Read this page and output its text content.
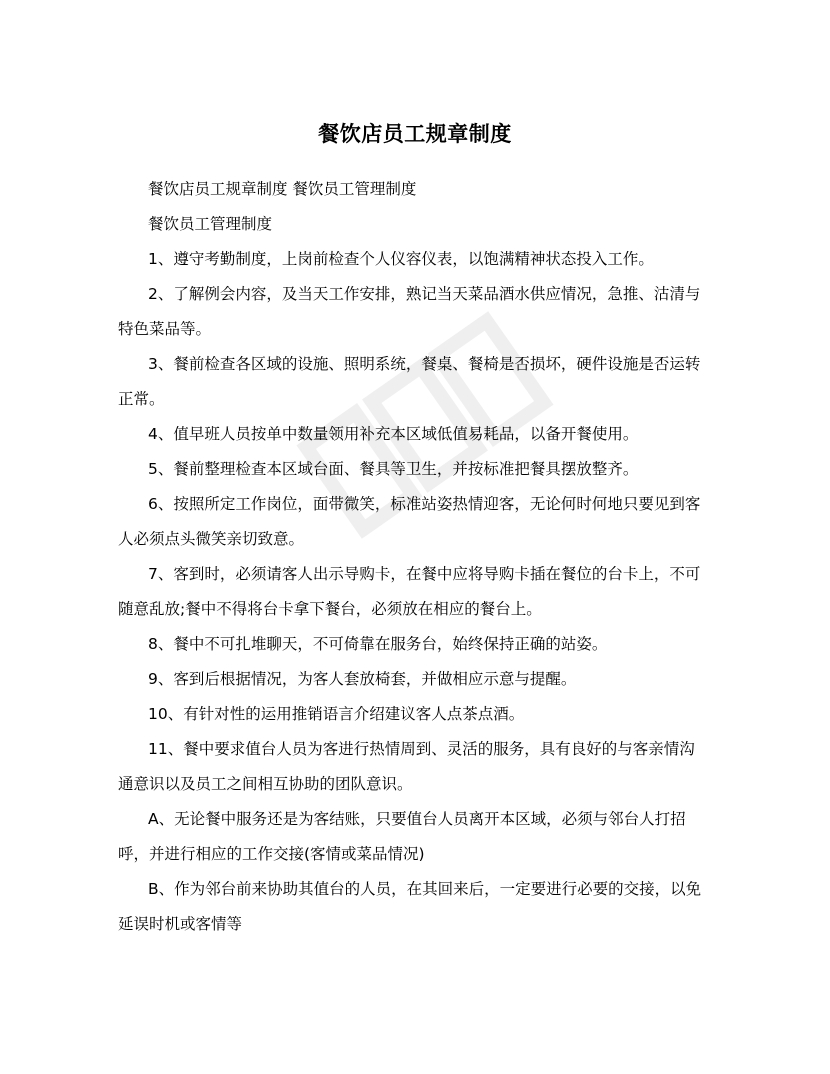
餐饮店员工规章制度

餐饮店员工规章制度 餐饮员工管理制度

餐饮员工管理制度

1、遵守考勤制度，上岗前检查个人仪容仪表，以饱满精神状态投入工作。

2、了解例会内容，及当天工作安排，熟记当天菜品酒水供应情况，急推、沽清与特色菜品等。

3、餐前检查各区域的设施、照明系统，餐桌、餐椅是否损坏，硬件设施是否运转正常。

4、值早班人员按单中数量领用补充本区域低值易耗品，以备开餐使用。

5、餐前整理检查本区域台面、餐具等卫生，并按标准把餐具摆放整齐。

6、按照所定工作岗位，面带微笑，标准站姿热情迎客，无论何时何地只要见到客人必须点头微笑亲切致意。

7、客到时，必须请客人出示导购卡，在餐中应将导购卡插在餐位的台卡上，不可随意乱放;餐中不得将台卡拿下餐台，必须放在相应的餐台上。

8、餐中不可扎堆聊天，不可倚靠在服务台，始终保持正确的站姿。

9、客到后根据情况，为客人套放椅套，并做相应示意与提醒。

10、有针对性的运用推销语言介绍建议客人点茶点酒。

11、餐中要求值台人员为客进行热情周到、灵活的服务，具有良好的与客亲情沟通意识以及员工之间相互协助的团队意识。

A、无论餐中服务还是为客结账，只要值台人员离开本区域，必须与邻台人打招呼，并进行相应的工作交接(客情或菜品情况)

B、作为邻台前来协助其值台的人员，在其回来后，一定要进行必要的交接，以免延误时机或客情等
